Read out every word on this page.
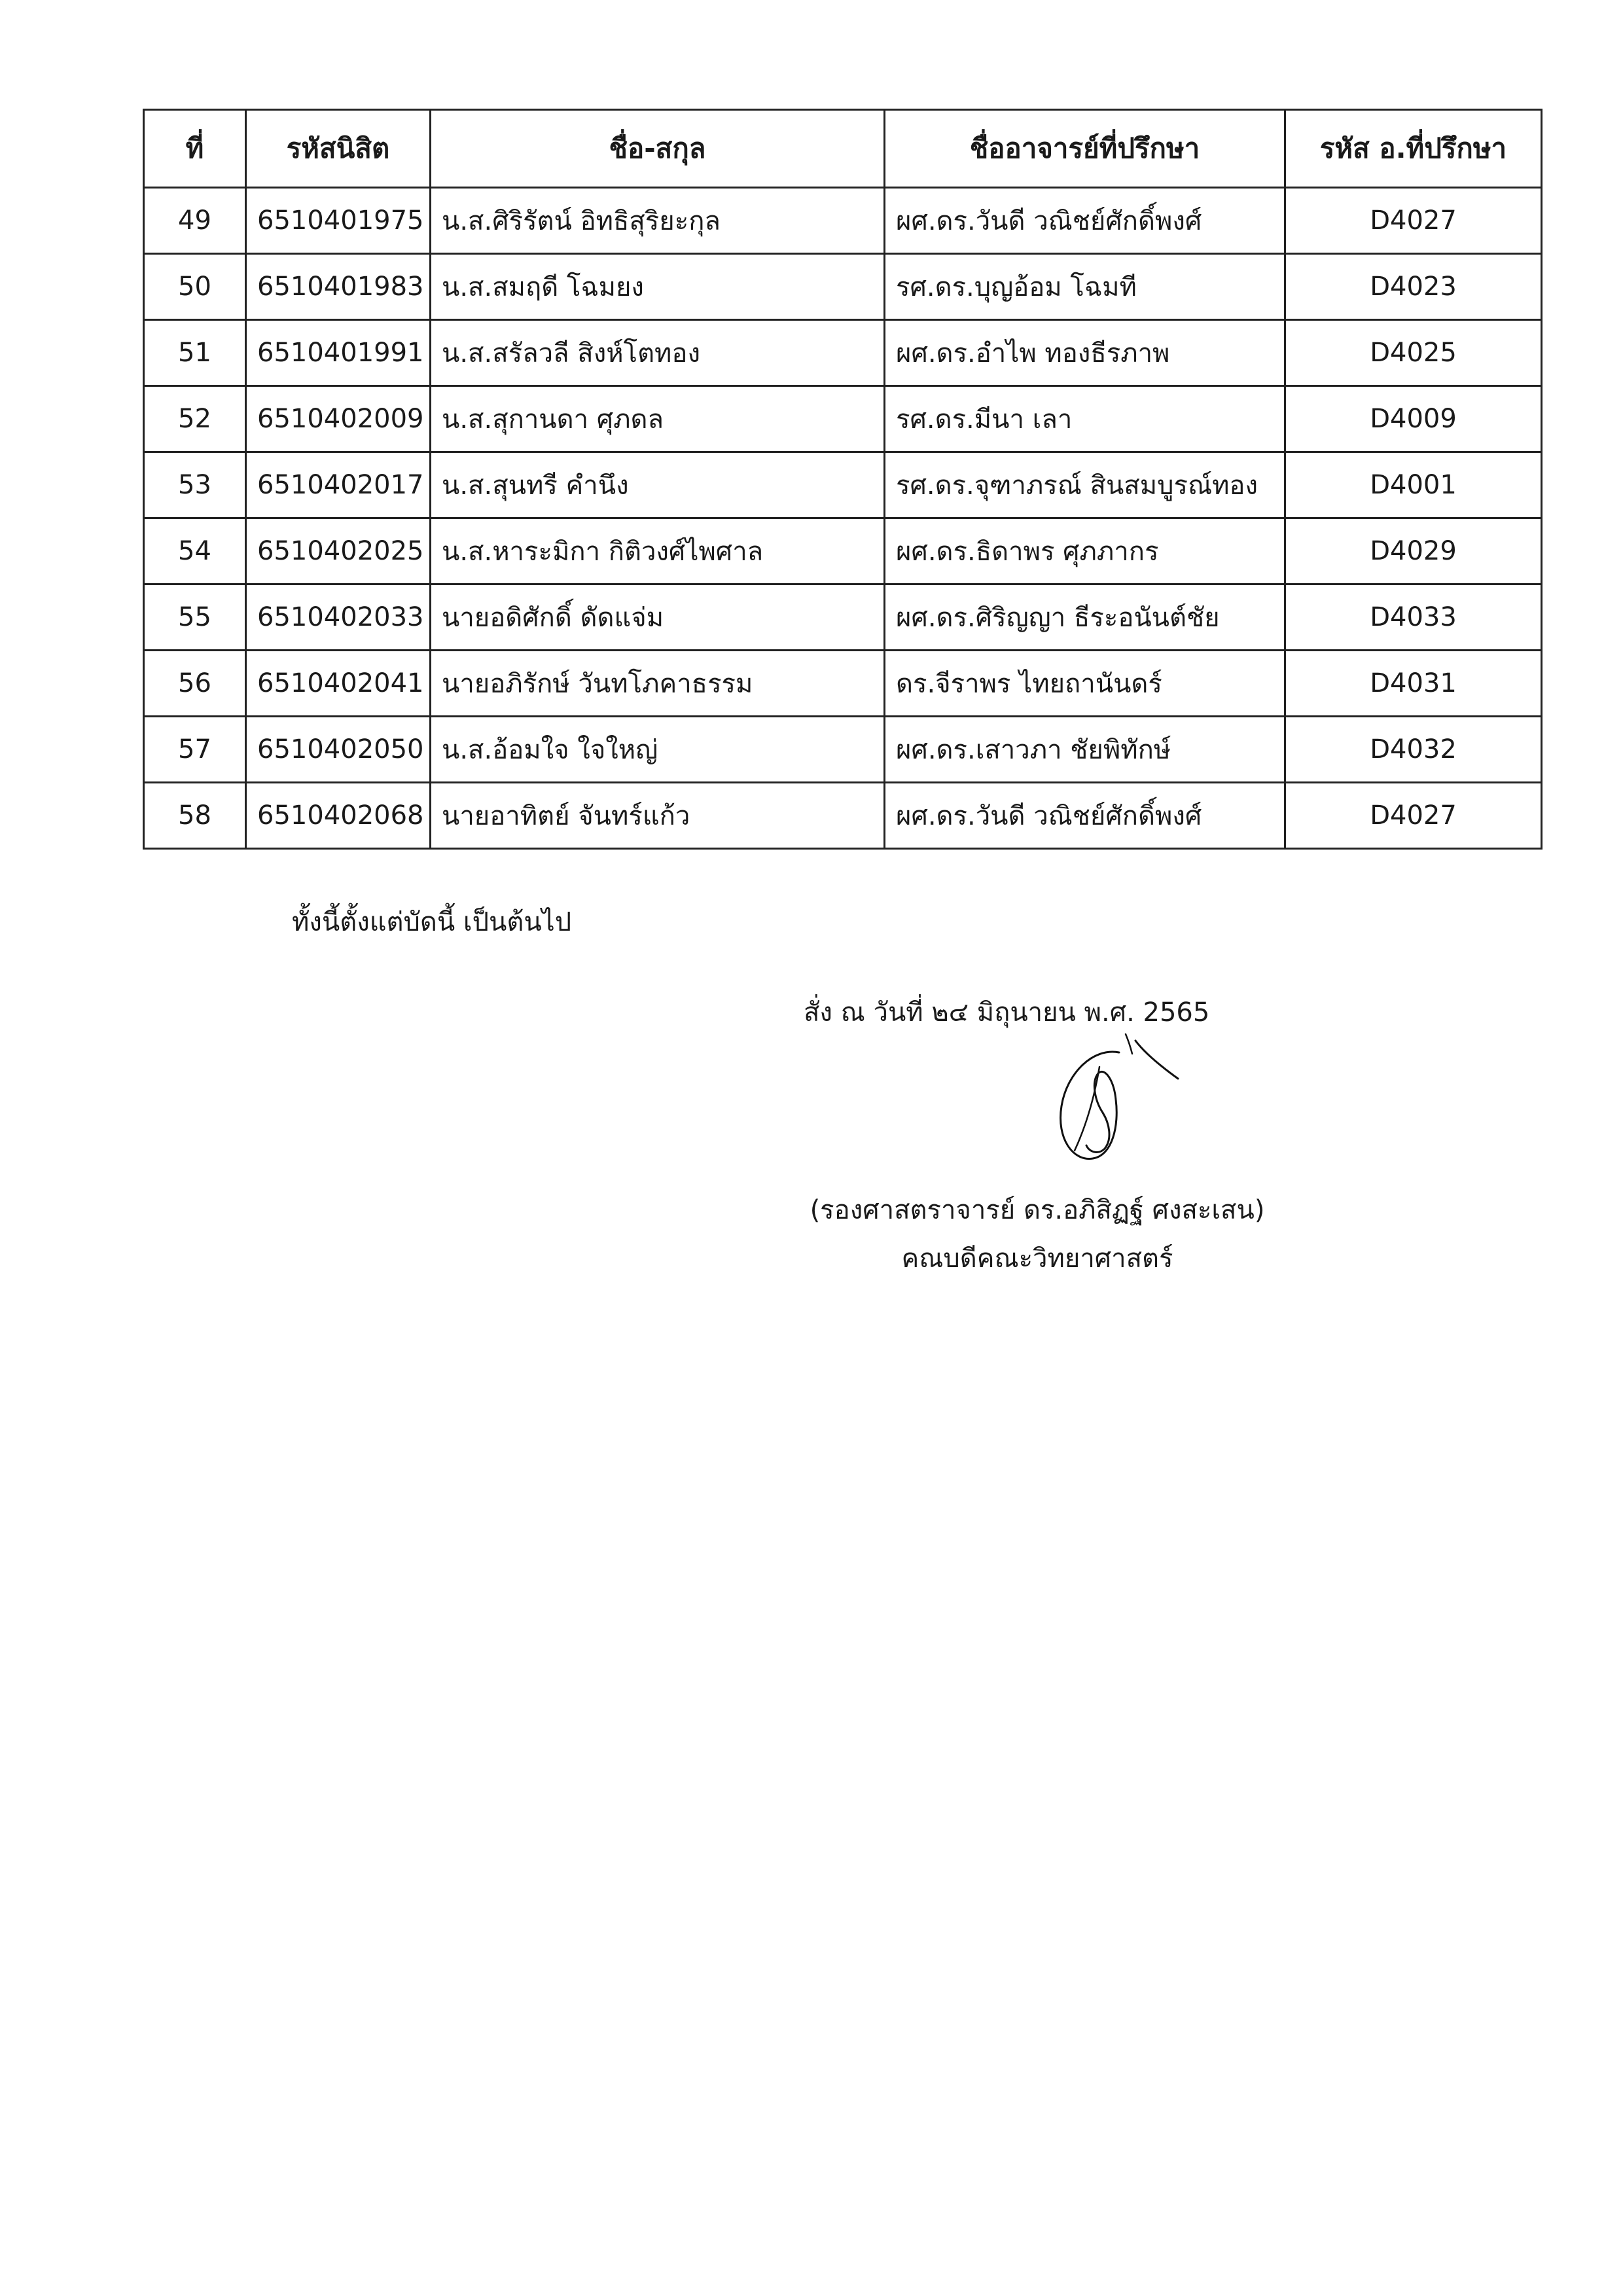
ที่	รหัสนิสิต	ชื่อ-สกุล	ชื่ออาจารย์ที่ปรึกษา	รหัส อ.ที่ปรึกษา
49	6510401975	น.ส.ศิริรัตน์ อิทธิสุริยะกุล	ผศ.ดร.วันดี วณิชย์ศักดิ์พงศ์	D4027
50	6510401983	น.ส.สมฤดี โฉมยง	รศ.ดร.บุญอ้อม โฉมที	D4023
51	6510401991	น.ส.สรัลวลี สิงห์โตทอง	ผศ.ดร.อำไพ ทองธีรภาพ	D4025
52	6510402009	น.ส.สุกานดา ศุภดล	รศ.ดร.มีนา เลา	D4009
53	6510402017	น.ส.สุนทรี คำนึง	รศ.ดร.จุฑาภรณ์ สินสมบูรณ์ทอง	D4001
54	6510402025	น.ส.หาระมิกา กิติวงศ์ไพศาล	ผศ.ดร.ธิดาพร ศุภภากร	D4029
55	6510402033	นายอดิศักดิ์ ดัดแจ่ม	ผศ.ดร.ศิริญญา ธีระอนันต์ชัย	D4033
56	6510402041	นายอภิรักษ์ วันทโภคาธรรม	ดร.จีราพร ไทยถานันดร์	D4031
57	6510402050	น.ส.อ้อมใจ ใจใหญ่	ผศ.ดร.เสาวภา ชัยพิทักษ์	D4032
58	6510402068	นายอาทิตย์ จันทร์แก้ว	ผศ.ดร.วันดี วณิชย์ศักดิ์พงศ์	D4027
ทั้งนี้ตั้งแต่บัดนี้ เป็นต้นไป
สั่ง ณ วันที่ ๒๔ มิถุนายน พ.ศ. 2565
(รองศาสตราจารย์ ดร.อภิสิฏฐ์ ศงสะเสน)
คณบดีคณะวิทยาศาสตร์
